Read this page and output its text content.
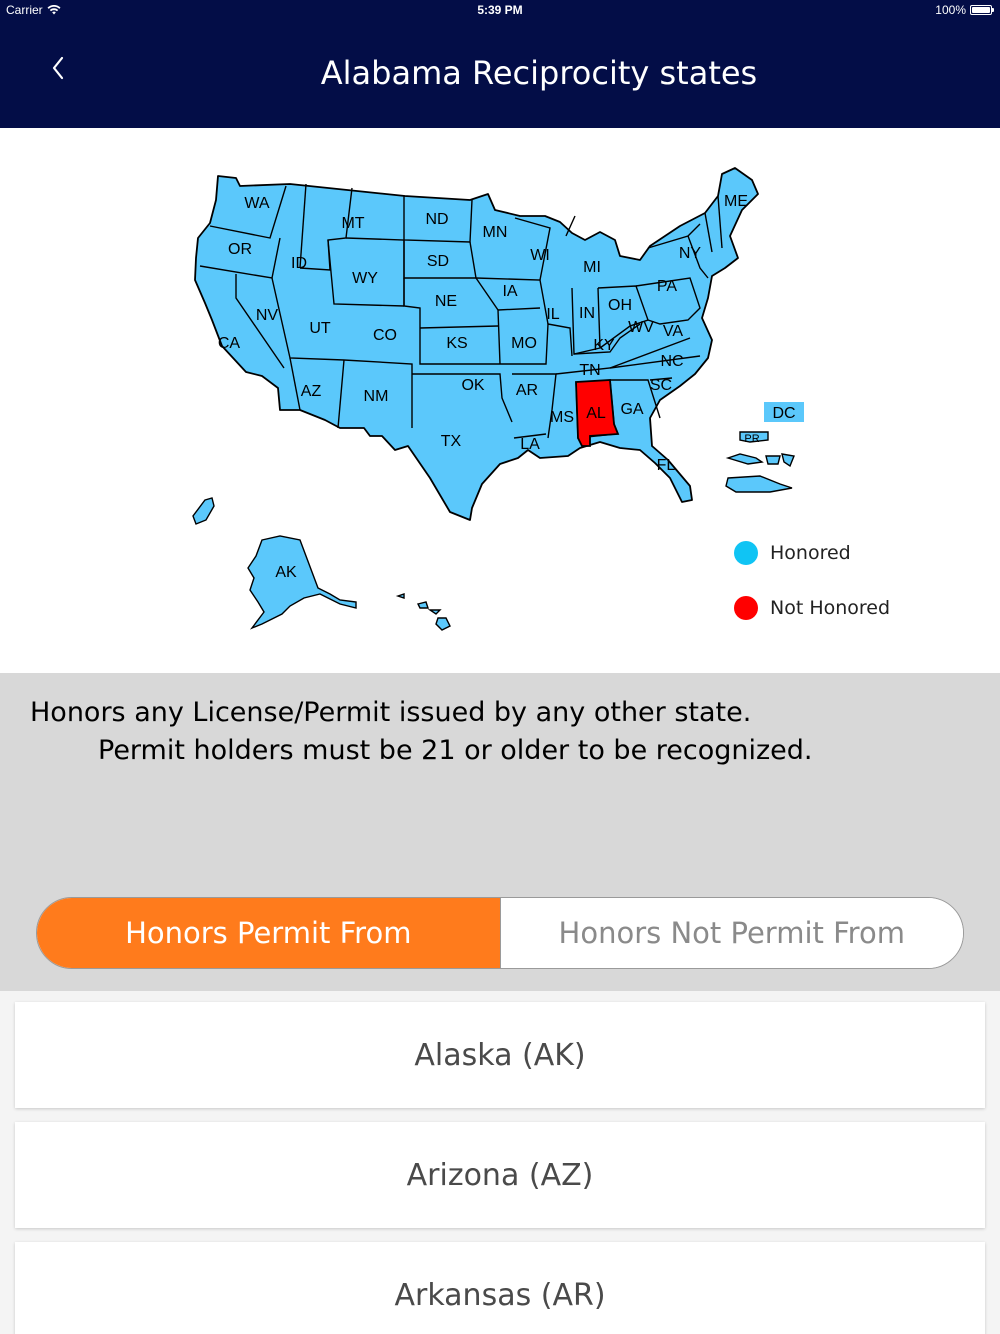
Carrier	5:39 PM	100%
Alabama Reciprocity states
WA
MT	ND
MN
ME
OR
ID
WY
SD	WI
MI
NY
NV
UT
NE
IA	PA
CA	CO	KS	MO
IL IN OH
WV VA
KY
NC
AZ	NM
OK AR
TN
SC
AL GA
MS
TX	LA
FL
DC
PR
AK
Honored
Not Honored
Honors any License/Permit issued by any other state.
Permit holders must be 21 or older to be recognized.
Honors Permit From	Honors Not Permit From
Alaska (AK)
Arizona (AZ)
Arkansas (AR)
